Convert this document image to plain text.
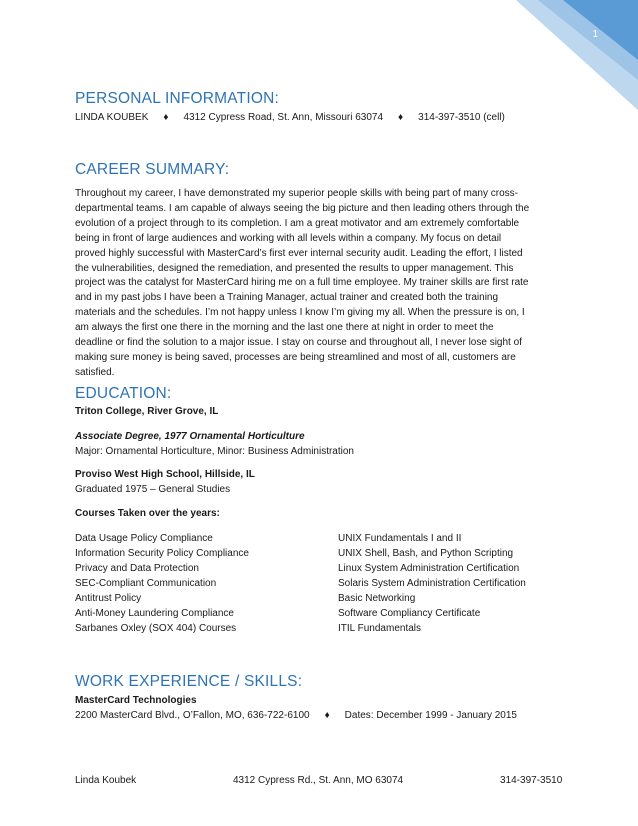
1
PERSONAL INFORMATION:
LINDA KOUBEK ♦ 4312 Cypress Road, St. Ann, Missouri 63074 ♦ 314-397-3510 (cell)
CAREER SUMMARY:

Throughout my career, I have demonstrated my superior people skills with being part of many cross-

departmental teams. I am capable of always seeing the big picture and then leading others through the

evolution of a project through to its completion. I am a great motivator and am extremely comfortable

being in front of large audiences and working with all levels within a company. My focus on detail

proved highly successful with MasterCard’s first ever internal security audit. Leading the effort, I listed

the vulnerabilities, designed the remediation, and presented the results to upper management. This

project was the catalyst for MasterCard hiring me on a full time employee. My trainer skills are first rate

and in my past jobs I have been a Training Manager, actual trainer and created both the training

materials and the schedules. I’m not happy unless I know I’m giving my all. When the pressure is on, I

am always the first one there in the morning and the last one there at night in order to meet the

deadline or find the solution to a major issue. I stay on course and throughout all, I never lose sight of

making sure money is being saved, processes are being streamlined and most of all, customers are

satisfied.

EDUCATION:
Triton College, River Grove, IL
Associate Degree, 1977 Ornamental Horticulture
Major: Ornamental Horticulture, Minor: Business Administration
Proviso West High School, Hillside, IL
Graduated 1975 – General Studies
Courses Taken over the years:
Data Usage Policy Compliance
Information Security Policy Compliance
Privacy and Data Protection
SEC-Compliant Communication
Antitrust Policy
Anti-Money Laundering Compliance
Sarbanes Oxley (SOX 404) Courses
UNIX Fundamentals I and II
UNIX Shell, Bash, and Python Scripting
Linux System Administration Certification
Solaris System Administration Certification
Basic Networking
Software Compliancy Certificate
ITIL Fundamentals
WORK EXPERIENCE / SKILLS:
MasterCard Technologies
2200 MasterCard Blvd., O’Fallon, MO, 636-722-6100 ♦ Dates: December 1999 - January 2015
Linda Koubek	4312 Cypress Rd., St. Ann, MO 63074	314-397-3510
